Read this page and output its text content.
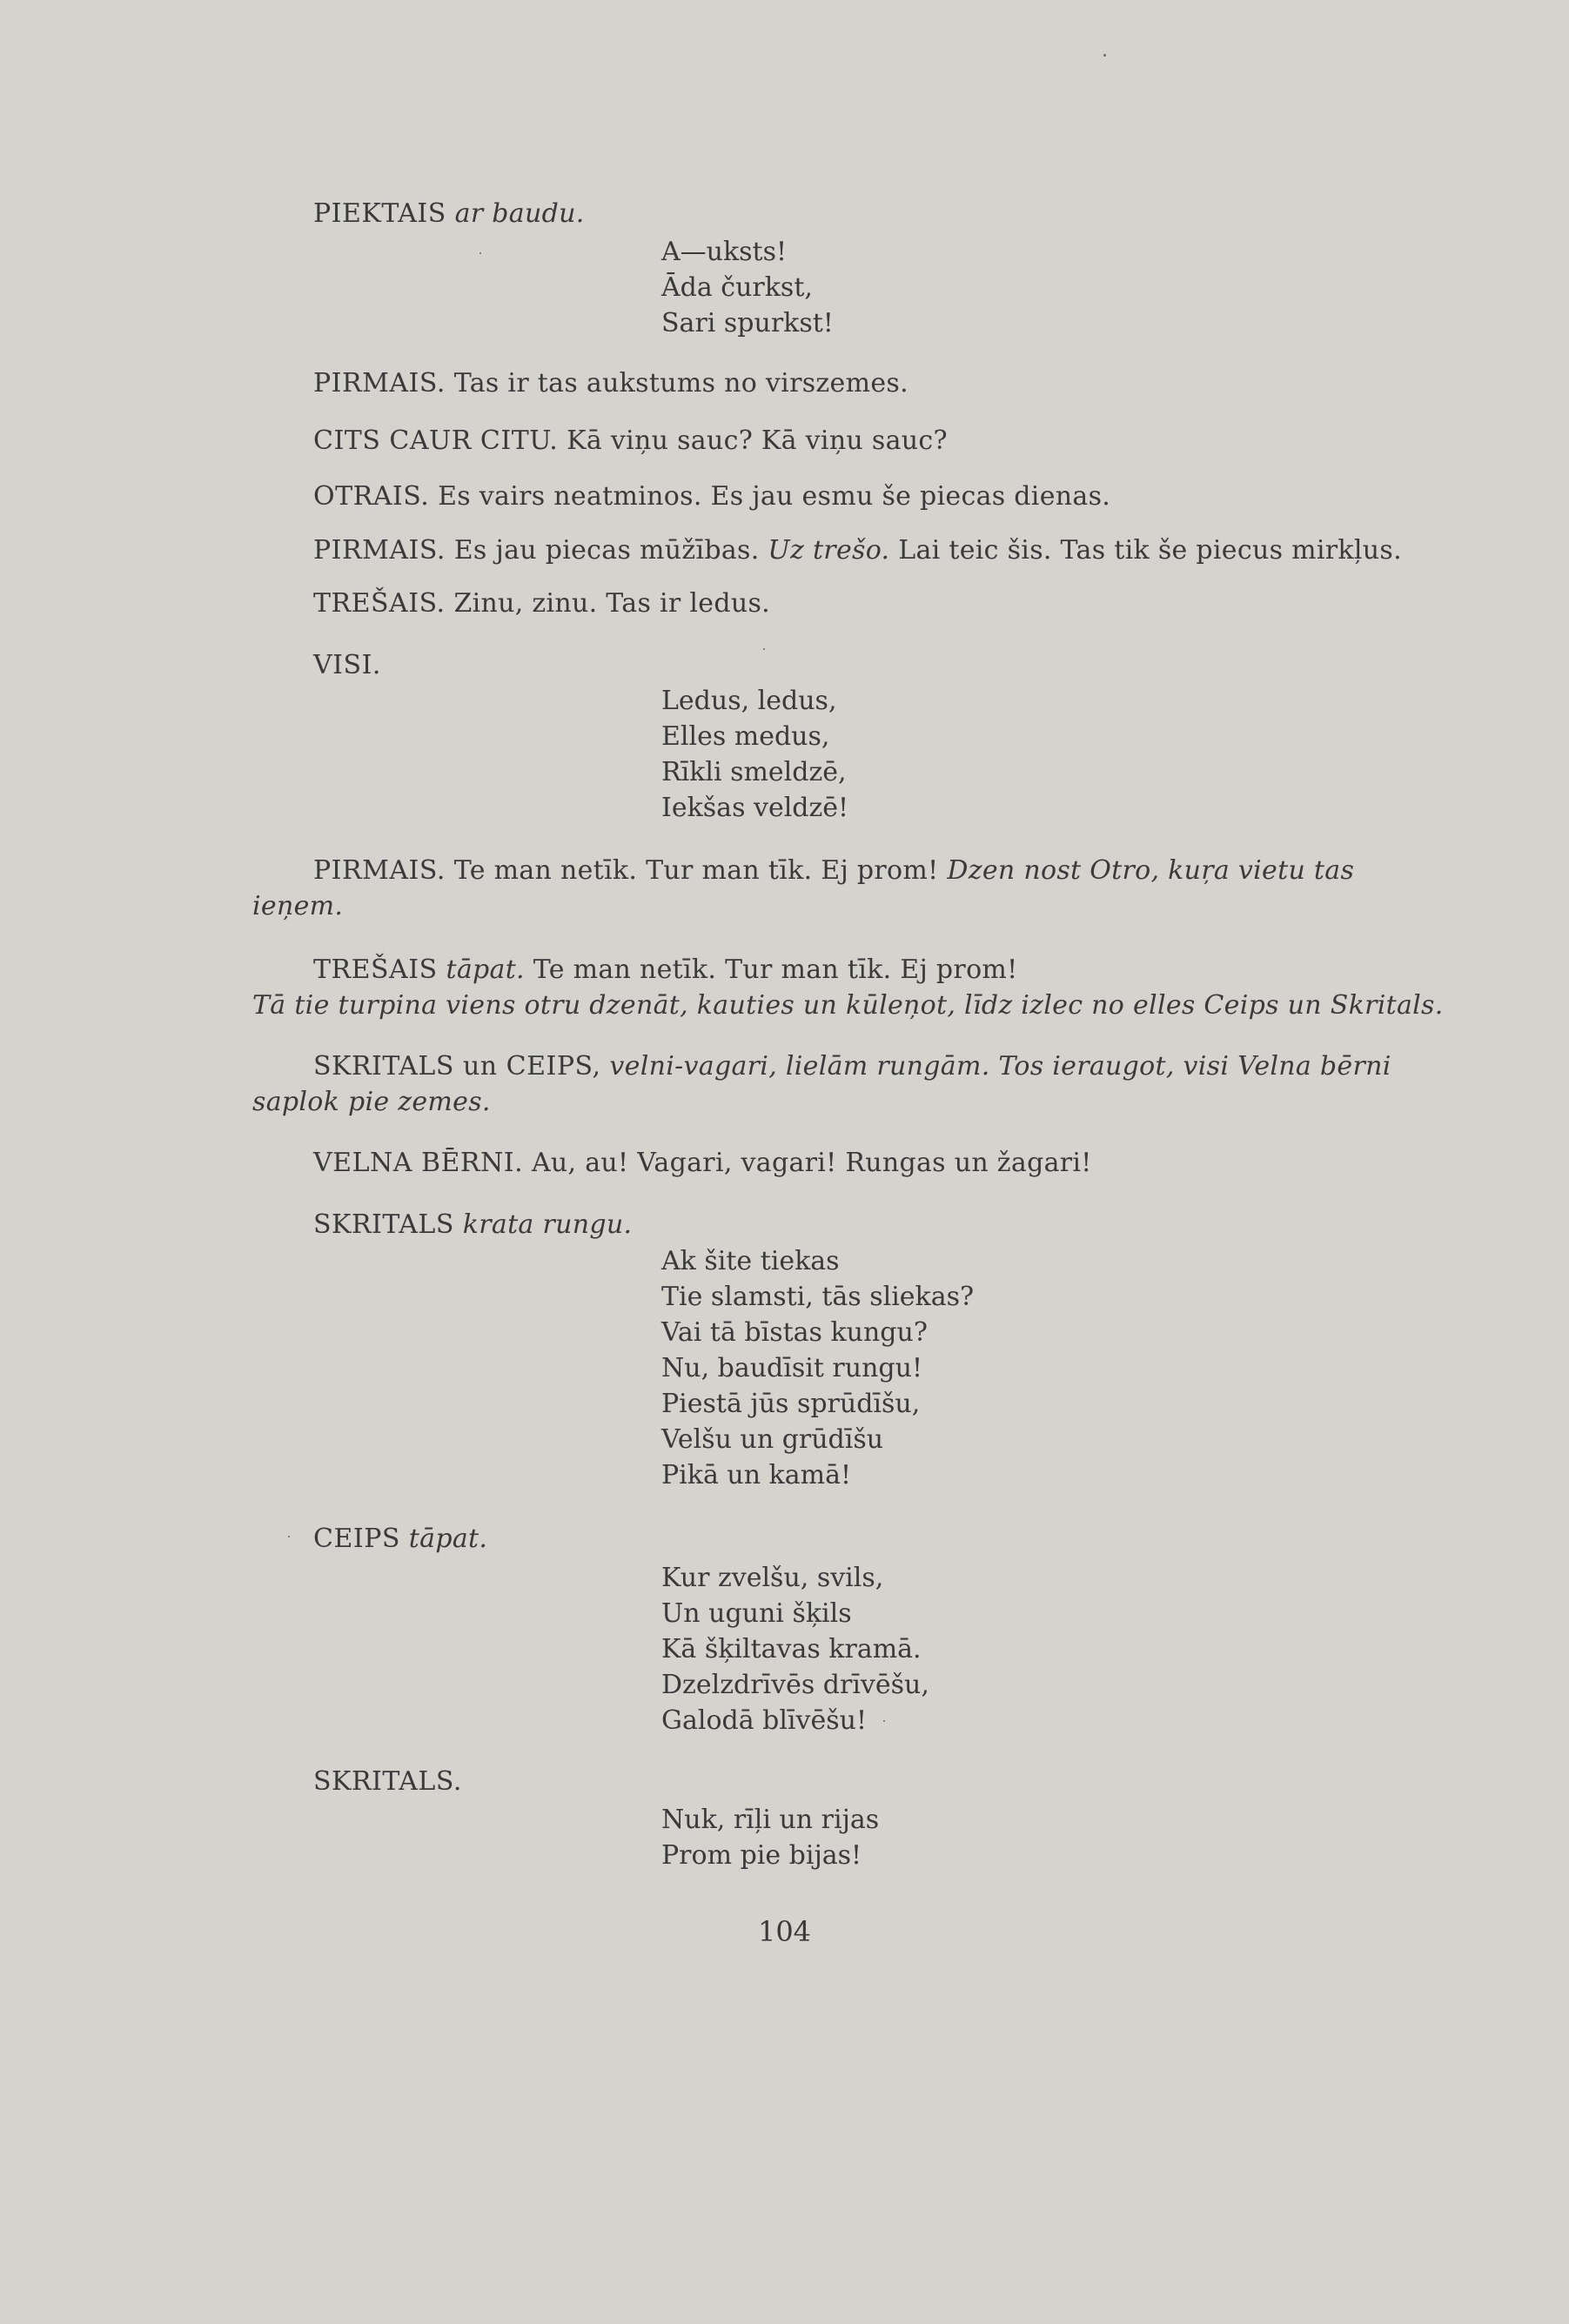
PIEKTAIS ar baudu.
A—uksts!
Āda čurkst,
Sari spurkst!
PIRMAIS. Tas ir tas aukstums no virszemes.
CITS CAUR CITU. Kā viņu sauc? Kā viņu sauc?
OTRAIS. Es vairs neatminos. Es jau esmu še piecas dienas.
PIRMAIS. Es jau piecas mūžības. Uz trešo. Lai teic šis. Tas tik še piecus mirkļus.
TREŠAIS. Zinu, zinu. Tas ir ledus.
VISI.
Ledus, ledus,
Elles medus,
Rīkli smeldzē,
Iekšas veldzē!
PIRMAIS. Te man netīk. Tur man tīk. Ej prom! Dzen nost Otro, kuŗa vietu tas
ieņem.
TREŠAIS tāpat. Te man netīk. Tur man tīk. Ej prom!
Tā tie turpina viens otru dzenāt, kauties un kūleņot, līdz izlec no elles Ceips un Skritals.
SKRITALS un CEIPS, velni-vagari, lielām rungām. Tos ieraugot, visi Velna bērni
saplok pie zemes.
VELNA BĒRNI. Au, au! Vagari, vagari! Rungas un žagari!
SKRITALS krata rungu.
Ak šite tiekas
Tie slamsti, tās sliekas?
Vai tā bīstas kungu?
Nu, baudīsit rungu!
Piestā jūs sprūdīšu,
Velšu un grūdīšu
Pikā un kamā!
CEIPS tāpat.
Kur zvelšu, svils,
Un uguni šķils
Kā šķiltavas kramā.
Dzelzdrīvēs drīvēšu,
Galodā blīvēšu!
SKRITALS.
Nuk, rīļi un rijas
Prom pie bijas!
104
